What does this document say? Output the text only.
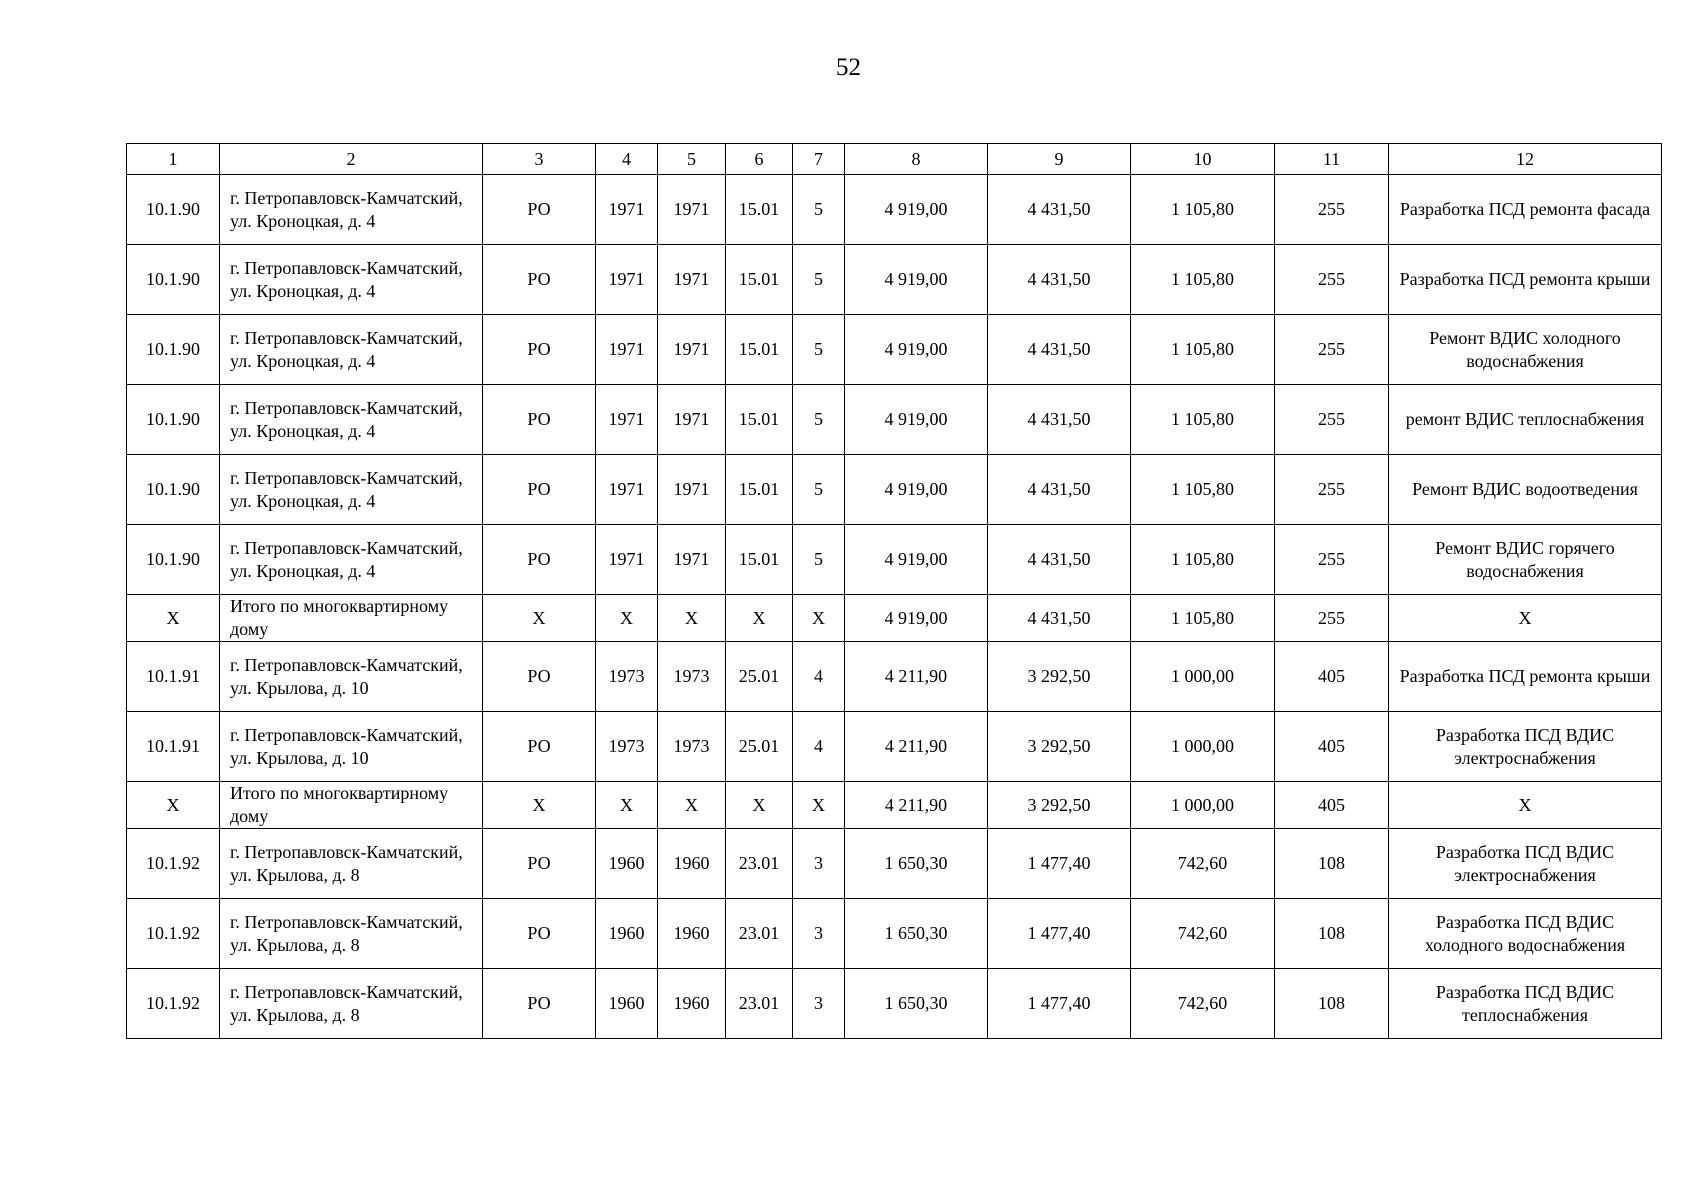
52
1	2	3	4	5	6	7	8	9	10	11	12
10.1.90	г. Петропавловск-Камчатский, ул. Кроноцкая, д. 4	РО	1971	1971	15.01	5	4 919,00	4 431,50	1 105,80	255	Разработка ПСД ремонта фасада
10.1.90	г. Петропавловск-Камчатский, ул. Кроноцкая, д. 4	РО	1971	1971	15.01	5	4 919,00	4 431,50	1 105,80	255	Разработка ПСД ремонта крыши
10.1.90	г. Петропавловск-Камчатский, ул. Кроноцкая, д. 4	РО	1971	1971	15.01	5	4 919,00	4 431,50	1 105,80	255	Ремонт ВДИС холодного водоснабжения
10.1.90	г. Петропавловск-Камчатский, ул. Кроноцкая, д. 4	РО	1971	1971	15.01	5	4 919,00	4 431,50	1 105,80	255	ремонт ВДИС теплоснабжения
10.1.90	г. Петропавловск-Камчатский, ул. Кроноцкая, д. 4	РО	1971	1971	15.01	5	4 919,00	4 431,50	1 105,80	255	Ремонт ВДИС водоотведения
10.1.90	г. Петропавловск-Камчатский, ул. Кроноцкая, д. 4	РО	1971	1971	15.01	5	4 919,00	4 431,50	1 105,80	255	Ремонт ВДИС горячего водоснабжения
Х	Итого по многоквартирному дому	Х	Х	Х	Х	Х	4 919,00	4 431,50	1 105,80	255	Х
10.1.91	г. Петропавловск-Камчатский, ул. Крылова, д. 10	РО	1973	1973	25.01	4	4 211,90	3 292,50	1 000,00	405	Разработка ПСД ремонта крыши
10.1.91	г. Петропавловск-Камчатский, ул. Крылова, д. 10	РО	1973	1973	25.01	4	4 211,90	3 292,50	1 000,00	405	Разработка ПСД ВДИС электроснабжения
Х	Итого по многоквартирному дому	Х	Х	Х	Х	Х	4 211,90	3 292,50	1 000,00	405	Х
10.1.92	г. Петропавловск-Камчатский, ул. Крылова, д. 8	РО	1960	1960	23.01	3	1 650,30	1 477,40	742,60	108	Разработка ПСД ВДИС электроснабжения
10.1.92	г. Петропавловск-Камчатский, ул. Крылова, д. 8	РО	1960	1960	23.01	3	1 650,30	1 477,40	742,60	108	Разработка ПСД ВДИС холодного водоснабжения
10.1.92	г. Петропавловск-Камчатский, ул. Крылова, д. 8	РО	1960	1960	23.01	3	1 650,30	1 477,40	742,60	108	Разработка ПСД ВДИС теплоснабжения
